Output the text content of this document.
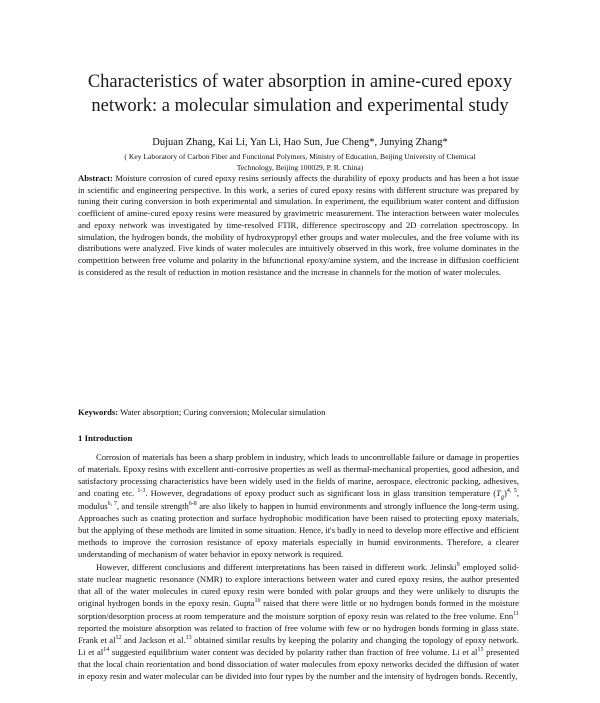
Characteristics of water absorption in amine-cured epoxy
network: a molecular simulation and experimental study
Dujuan Zhang, Kai Li, Yan Li, Hao Sun, Jue Cheng*, Junying Zhang*
( Key Laboratory of Carbon Fiber and Functional Polymers, Ministry of Education, Beijing University of Chemical
Technology, Beijing 100029, P. R. China)
Abstract: Moisture corrosion of cured epoxy resins seriously affects the durability of epoxy products and has been a hot issue in scientific and engineering perspective. In this work, a series of cured epoxy resins with different structure was prepared by tuning their curing conversion in both experimental and simulation. In experiment, the equilibrium water content and diffusion coefficient of amine-cured epoxy resins were measured by gravimetric measurement. The interaction between water molecules and epoxy network was investigated by time-resolved FTIR, difference spectroscopy and 2D correlation spectroscopy. In simulation, the hydrogen bonds, the mobility of hydroxypropyl ether groups and water molecules, and the free volume with its distributions were analyzed. Five kinds of water molecules are intuitively observed in this work, free volume dominates in the competition between free volume and polarity in the bifunctional epoxy/amine system, and the increase in diffusion coefficient is considered as the result of reduction in motion resistance and the increase in channels for the motion of water molecules.
Keywords: Water absorption; Curing conversion; Molecular simulation
1 Introduction

Corrosion of materials has been a sharp problem in industry, which leads to uncontrollable failure or damage in properties of materials. Epoxy resins with excellent anti-corrosive properties as well as thermal-mechanical properties, good adhesion, and satisfactory processing characteristics have been widely used in the fields of marine, aerospace, electronic packing, adhesives, and coating etc. $^{1-3}$. However, degradations of epoxy product such as significant loss in glass transition temperature $(T_g)^{4, 5}$, modulus$^{6, 7}$, and tensile strength$^{6-8}$ are also likely to happen in humid environments and strongly influence the long-term using. Approaches such as coating protection and surface hydrophobic modification have been raised to protecting epoxy materials, but the applying of these methods are limited in some situation. Hence, it's badly in need to develop more effective and efficient methods to improve the corrosion resistance of epoxy materials especially in humid environments. Therefore, a clearer understanding of mechanism of water behavior in epoxy network is required.

However, different conclusions and different interpretations has been raised in different work. Jelinski$^9$ employed solid-state nuclear magnetic resonance (NMR) to explore interactions between water and cured epoxy resins, the author presented that all of the water molecules in cured epoxy resin were bonded with polar groups and they were unlikely to disrupts the original hydrogen bonds in the epoxy resin. Gupta$^{10}$ raised that there were little or no hydrogen bonds formed in the moisture sorption/desorption process at room temperature and the moisture sorption of epoxy resin was related to the free volume. Enn$^{11}$ reported the moisture absorption was related to fraction of free volume with few or no hydrogen bonds forming in glass state. Frank et $al^{12}$ and Jackson et al.$^{13}$ obtained similar results by keeping the polarity and changing the topology of epoxy network. Li et $al^{14}$ suggested equilibrium water content was decided by polarity rather than fraction of free volume. Li et $al^{15}$ presented that the local chain reorientation and bond dissociation of water molecules from epoxy networks decided the diffusion of water in epoxy resin and water molecular can be divided into four types by the number and the intensity of hydrogen bonds. Recently,
